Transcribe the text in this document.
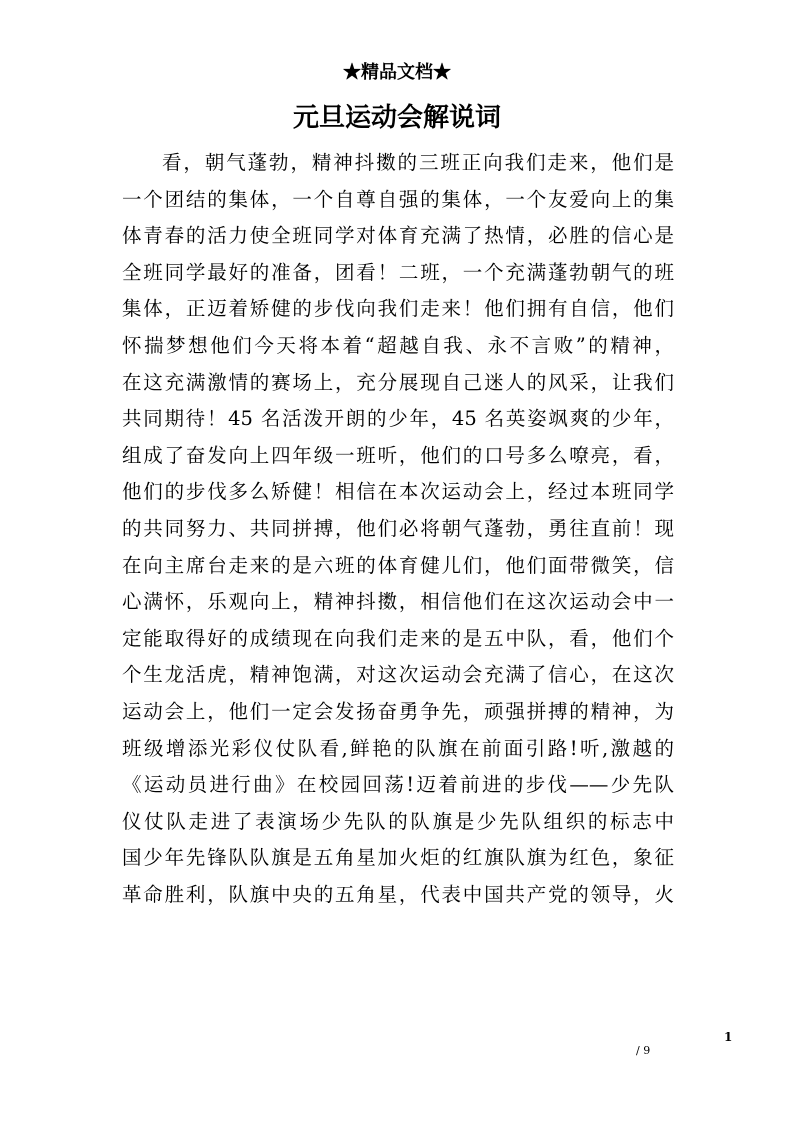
★精品文档★
元旦运动会解说词
看，朝气蓬勃，精神抖擞的三班正向我们走来，他们是
一个团结的集体，一个自尊自强的集体，一个友爱向上的集
体青春的活力使全班同学对体育充满了热情，必胜的信心是
全班同学最好的准备，团看！二班，一个充满蓬勃朝气的班
集体，正迈着矫健的步伐向我们走来！他们拥有自信，他们
怀揣梦想他们今天将本着“超越自我、永不言败”的精神，
在这充满激情的赛场上，充分展现自己迷人的风采，让我们
共同期待！45 名活泼开朗的少年，45 名英姿飒爽的少年，
组成了奋发向上四年级一班听，他们的口号多么嘹亮，看，
他们的步伐多么矫健！相信在本次运动会上，经过本班同学
的共同努力、共同拼搏，他们必将朝气蓬勃，勇往直前！现
在向主席台走来的是六班的体育健儿们，他们面带微笑，信
心满怀，乐观向上，精神抖擞，相信他们在这次运动会中一
定能取得好的成绩现在向我们走来的是五中队，看，他们个
个生龙活虎，精神饱满，对这次运动会充满了信心，在这次
运动会上，他们一定会发扬奋勇争先，顽强拼搏的精神，为
班级增添光彩仪仗队看,鲜艳的队旗在前面引路!听,激越的
《运动员进行曲》在校园回荡!迈着前进的步伐——少先队
仪仗队走进了表演场少先队的队旗是少先队组织的标志中
国少年先锋队队旗是五角星加火炬的红旗队旗为红色，象征
革命胜利，队旗中央的五角星，代表中国共产党的领导，火
1
/ 9
